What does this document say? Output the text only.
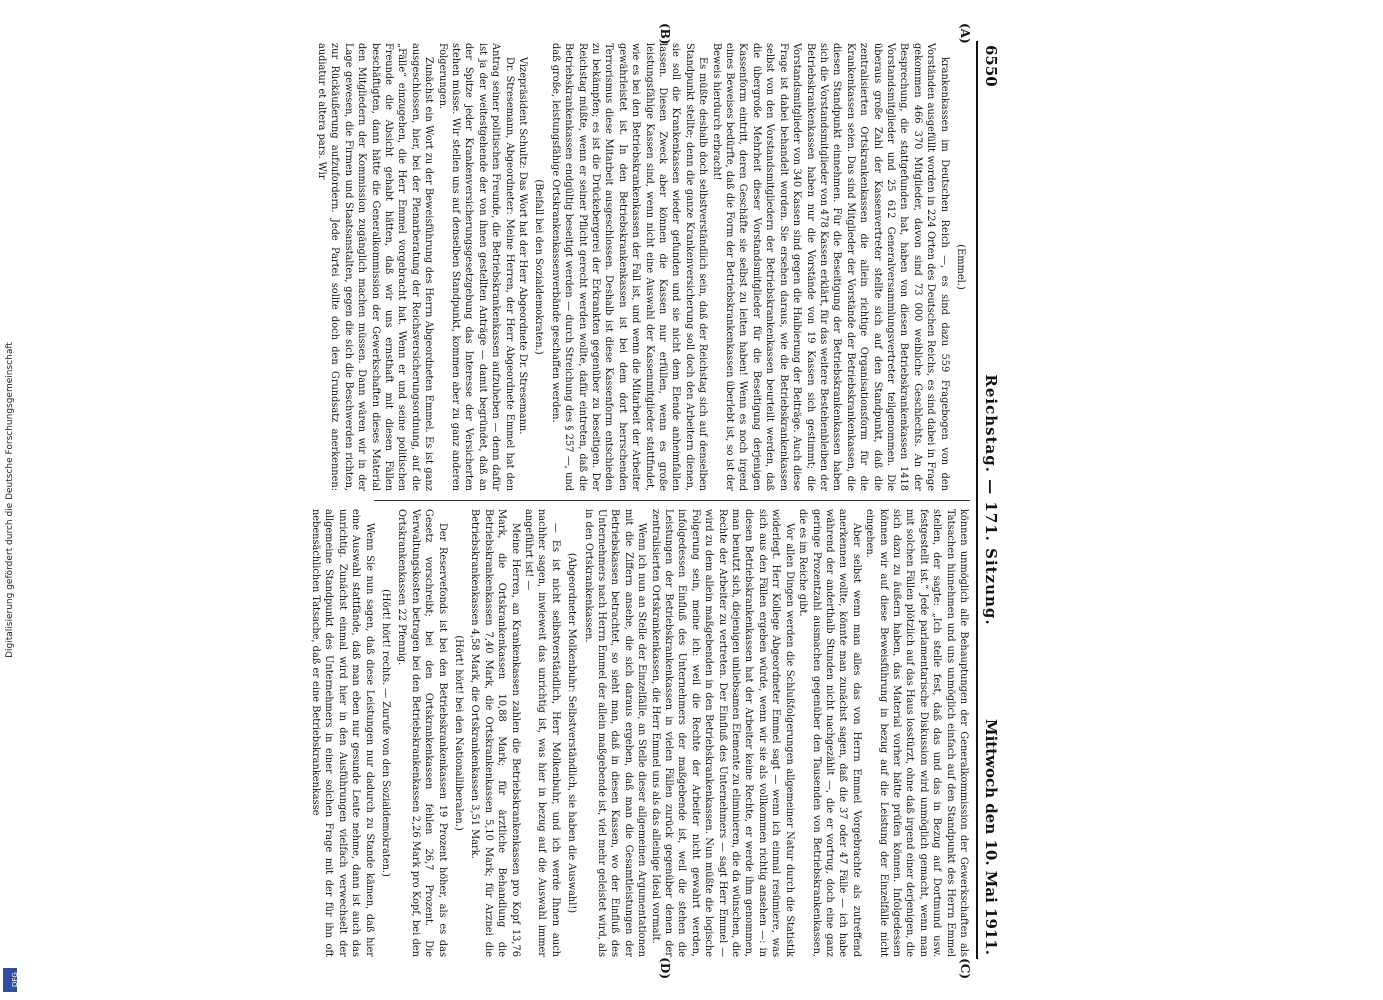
Digitalisierung gefördert durch die Deutsche Forschungsgemeinschaft
DFG
6550
Reichstag. — 171. Sitzung.
Mittwoch den 10. Mai 1911.
(A)
(B)
(C)
(D)

(Emmel.)

krankenkassen im Deutschen Reich —, es sind dazu 559 Fragebogen von den Vorständen ausgefüllt worden in 224 Orten des Deutschen Reichs, es sind dabei in Frage gekommen 466 370 Mitglieder, davon sind 73 000 weibliche Geschlechts. An der Besprechung, die stattgefunden hat, haben von diesen Betriebskrankenkassen 1418 Vorstandsmitglieder und 25 612 Generalversammlungsvertreter teilgenommen. Die überaus große Zahl der Kassenvertreter stellte sich auf den Standpunkt, daß die zentralisierten Ortskrankenkassen die allein richtige Organisationsform für die Krankenkassen seien. Das sind Mitglieder der Vorstände der Betriebskrankenkassen, die diesen Standpunkt einnehmen. Für die Beseitigung der Betriebskrankenkassen haben sich die Vorstandsmitglieder von 478 Kassen erklärt, für das weitere Bestehenbleiben der Betriebskrankenkassen haben nur die Vorstände von 19 Kassen sich gestimmt; die Vorstandsmitglieder von 340 Kassen sind gegen die Halbierung der Beiträge. Auch diese Frage ist dabei behandelt worden. Sie ersehen daraus, wie die Betriebskrankenkassen selbst von den Vorstandsmitgliedern der Betriebskrankenkassen beurteilt werden, daß die übergroße Mehrheit dieser Vorstandsmitglieder für die Beseitigung derjenigen Kassenform eintritt, deren Geschäfte sie selbst zu leiten haben! Wenn es noch irgend eines Beweises bedürfte, daß die Form der Betriebskrankenkassen überlebt ist, so ist der Beweis hierdurch erbracht!

Es müßte deshalb doch selbstverständlich sein, daß der Reichstag sich auf denselben Standpunkt stellte; denn die ganze Krankenversicherung soll doch den Arbeitern dienen, sie soll die Krankenkassen wieder gefunden und sie nicht dem Elende anheimfallen lassen. Diesen Zweck aber können die Kassen nur erfüllen, wenn es große leistungsfähige Kassen sind, wenn nicht eine Auswahl der Kassenmitglieder stattfindet, wie es bei den Betriebskrankenkassen der Fall ist, und wenn die Mitarbeit der Arbeiter gewährleistet ist. In den Betriebskrankenkassen ist bei dem dort herrschenden Terrorismus diese Mitarbeit ausgeschlossen. Deshalb ist diese Kassenform entschieden zu bekämpfen; es ist die Drückebergerei der Erkrankten gegenüber zu beseitigen. Der Reichstag müßte, wenn er seiner Pflicht gerecht werden wollte, dafür eintreten, daß die Betriebskrankenkassen endgültig beseitigt werden — durch Streichung des § 257 —, und daß große, leistungsfähige Ortskrankenkassenverbände geschaffen werden.

(Beifall bei den Sozialdemokraten.)

Vizepräsident Schultz: Das Wort hat der Herr Abgeordnete Dr. Stresemann.

Dr. Stresemann, Abgeordneter: Meine Herren, der Herr Abgeordnete Emmel hat den Antrag seiner politischen Freunde, die Betriebskrankenkassen aufzuheben — denn dafür ist ja der weitestgehende der von ihnen gestellten Anträge — damit begründet, daß an der Spitze jeder Krankenversicherungsgesetzgebung das Interesse der Versicherten stehen müsse. Wir stellen uns auf denselben Standpunkt, kommen aber zu ganz anderen Folgerungen.

Zunächst ein Wort zu der Beweisführung des Herrn Abgeordneten Emmel. Es ist ganz ausgeschlossen, hier, bei der Plenarberatung der Reichsversicherungsordnung, auf die „Fälle“ einzugehen, die Herr Emmel vorgebracht hat. Wenn er und seine politischen Freunde die Absicht gehabt hätten, daß wir uns ernsthaft mit diesen Fällen beschäftigten, dann hätte die Generalkommission der Gewerkschaften dieses Material den Mitgliedern der Kommission zugänglich machen müssen. Dann wären wir in der Lage gewesen, die Firmen und Staatsanstalten, gegen die sich die Beschwerden richten, zur Rückäußerung aufzufordern. Jede Partei sollte doch den Grundsatz anerkennen: audiatur et altera pars. Wir

können unmöglich alle Behauptungen der Generalkommission der Gewerkschaften als Tatsachen hinnehmen und uns unmöglich einfach auf den Standpunkt des Herrn Emmel stellen, der sagte: „Ich stelle fest, daß das und das in Bezug auf Dortmund usw. festgestellt ist.“ Jede parlamentarische Diskussion wird unmöglich gemacht, wenn man mit solchen Fällen plötzlich auf das Haus losstürzt, ohne daß irgend einer derjenigen, die sich dazu zu äußern haben, das Material vorher hätte prüfen können. Infolgedessen können wir auf diese Beweisführung in bezug auf die Leistung der Einzelfälle nicht eingehen.

Aber selbst wenn man alles das von Herrn Emmel Vorgebrachte als zutreffend anerkennen wollte, könnte man zunächst sagen, daß die 37 oder 47 Fälle — ich habe während der anderthalb Stunden nicht nachgezählt —, die er vortrug, doch eine ganz geringe Prozentzahl ausmachen gegenüber den Tausenden von Betriebskrankenkassen, die es im Reiche gibt.

Vor allen Dingen werden die Schlußfolgerungen allgemeiner Natur durch die Statistik widerlegt. Herr Kollege Abgeordneter Emmel sagt — wenn ich einmal resümiere, was sich aus den Fällen ergeben würde, wenn wir sie als vollkommen richtig ansehen —: in diesen Betriebskrankenkassen hat der Arbeiter keine Rechte, er werde ihm genommen, man benutzt sich, diejenigen unliebsamen Elemente zu eliminieren, die da wünschen, die Rechte der Arbeiter zu vertreten. Der Einfluß des Unternehmers — sagt Herr Emmel — wird zu dem allein maßgebenden in den Betriebskrankenkassen. Nun müßte die logische Folgerung sein, meine ich: weil die Rechte der Arbeiter nicht gewahrt werden, infolgedessen Einfluß des Unternehmers der maßgebende ist, weil die stehen die Leistungen der Betriebskrankenkassen in vielen Fällen zurück gegenüber denen der zentralisierten Ortskrankenkassen, die Herr Emmel uns als das alleinige Ideal vormalt.

Wenn ich nun an Stelle der Einzelfälle, an Stelle dieser allgemeinen Argumentationen mit die Ziffern ansehe, die sich daraus ergeben, daß man die Gesamtleistungen der Betriebskassen betrachtet, so sieht man, daß in diesen Kassen, wo der Einfluß des Unternehmers nach Herrn Emmel der allein maßgebende ist, viel mehr geleistet wird, als in den Ortskrankenkassen.

(Abgeordneter Molkenbuhr: Selbstverständlich, sie haben die Auswahl!)

— Es ist nicht selbstverständlich, Herr Molkenbuhr, und ich werde Ihnen auch nachher sagen, inwieweit das unrichtig ist, was hier in bezug auf die Auswahl immer angeführt ist! —

Meine Herren, an Krankenkassen zahlen die Betriebskrankenkassen pro Kopf 13,76 Mark, die Ortskrankenkassen 10,88 Mark; für ärztliche Behandlung die Betriebskrankenkassen 7,40 Mark, die Ortskrankenkassen 5,10 Mark; für Arznei die Betriebskrankenkassen 4,58 Mark, die Ortskrankenkassen 3,51 Mark.

(Hört! hört! bei den Nationalliberalen.)

Der Reservefonds ist bei den Betriebskrankenkassen 19 Prozent höher, als es das Gesetz vorschreibt; bei den Ortskrankenkassen fehlen 26,7 Prozent. Die Verwaltungskosten betragen bei den Betriebskrankenkassen 2,26 Mark pro Kopf, bei den Ortskrankenkassen 22 Pfennig.

(Hört! hört! rechts. — Zurufe von den Sozialdemokraten.)

Wenn Sie nun sagen, daß diese Leistungen nur dadurch zu Stande kämen, daß hier eine Auswahl stattfände, daß man eben nur gesunde Leute nehme, dann ist auch das unrichtig. Zunächst einmal wird hier in den Ausführungen vielfach verwechselt der allgemeine Standpunkt des Unternehmers in einer solchen Frage mit der für ihn oft nebensächlichen Tatsache, daß er eine Betriebskrankenkasse
